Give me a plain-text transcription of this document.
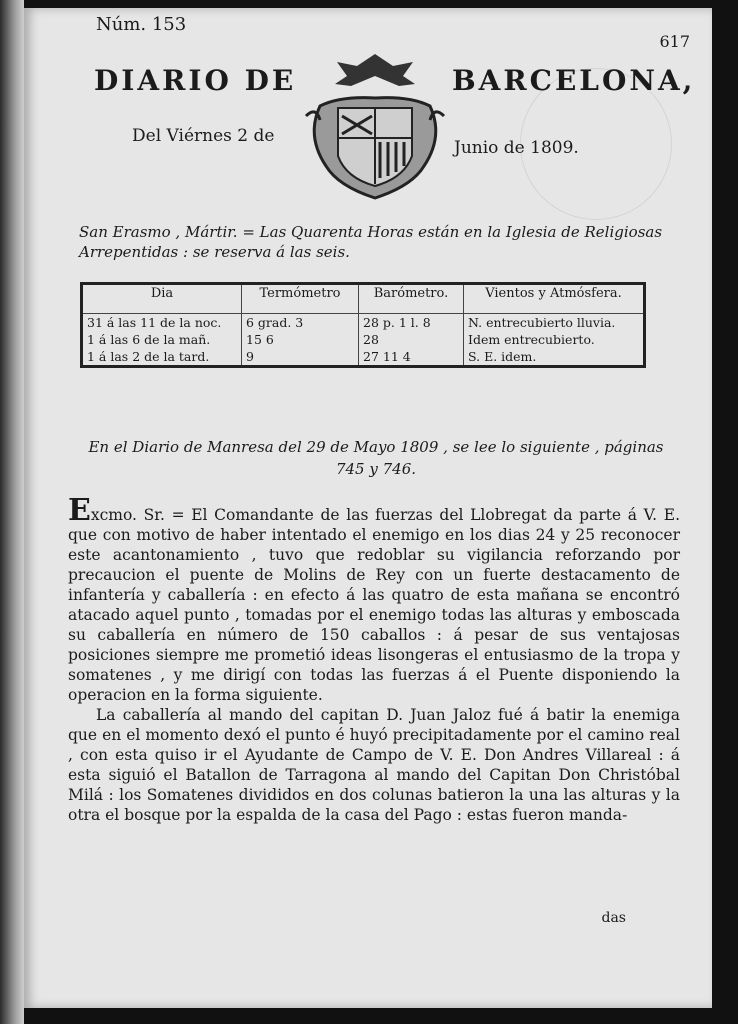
Núm. 153
617
DIARIO DE	BARCELONA,
Del Viérnes 2 de
Junio de 1809.
San Erasmo , Mártir. = Las Quarenta Horas están en la Iglesia de Religiosas Arrepentidas : se reserva á las seis.
Dia	Termómetro	Barómetro.	Vientos y Atmósfera.
31 á las 11 de la noc.	6 grad. 3	28 p. 1 l. 8	N. entrecubierto lluvia.
1 á las 6 de la mañ.	15 6	28	Idem entrecubierto.
1 á las 2 de la tard.	9	27 11 4	S. E. idem.
En el Diario de Manresa del 29 de Mayo 1809 , se lee lo siguiente , páginas 745 y 746.

Excmo. Sr. = El Comandante de las fuerzas del Llobregat da parte á V. E. que con motivo de haber intentado el enemigo en los dias 24 y 25 reconocer este acantonamiento , tuvo que redoblar su vigilancia reforzando por precaucion el puente de Molins de Rey con un fuerte destacamento de infantería y caballería : en efecto á las quatro de esta mañana se encontró atacado aquel punto , tomadas por el enemigo todas las alturas y emboscada su caballería en número de 150 caballos : á pesar de sus ventajosas posiciones siempre me prometió ideas lisongeras el entusiasmo de la tropa y somatenes , y me dirigí con todas las fuerzas á el Puente disponiendo la operacion en la forma siguiente.

La caballería al mando del capitan D. Juan Jaloz fué á batir la enemiga que en el momento dexó el punto é huyó precipitadamente por el camino real , con esta quiso ir el Ayudante de Campo de V. E. Don Andres Villareal : á esta siguió el Batallon de Tarragona al mando del Capitan Don Christóbal Milá : los Somatenes divididos en dos colunas batieron la una las alturas y la otra el bosque por la espalda de la casa del Pago : estas fueron manda-

das
